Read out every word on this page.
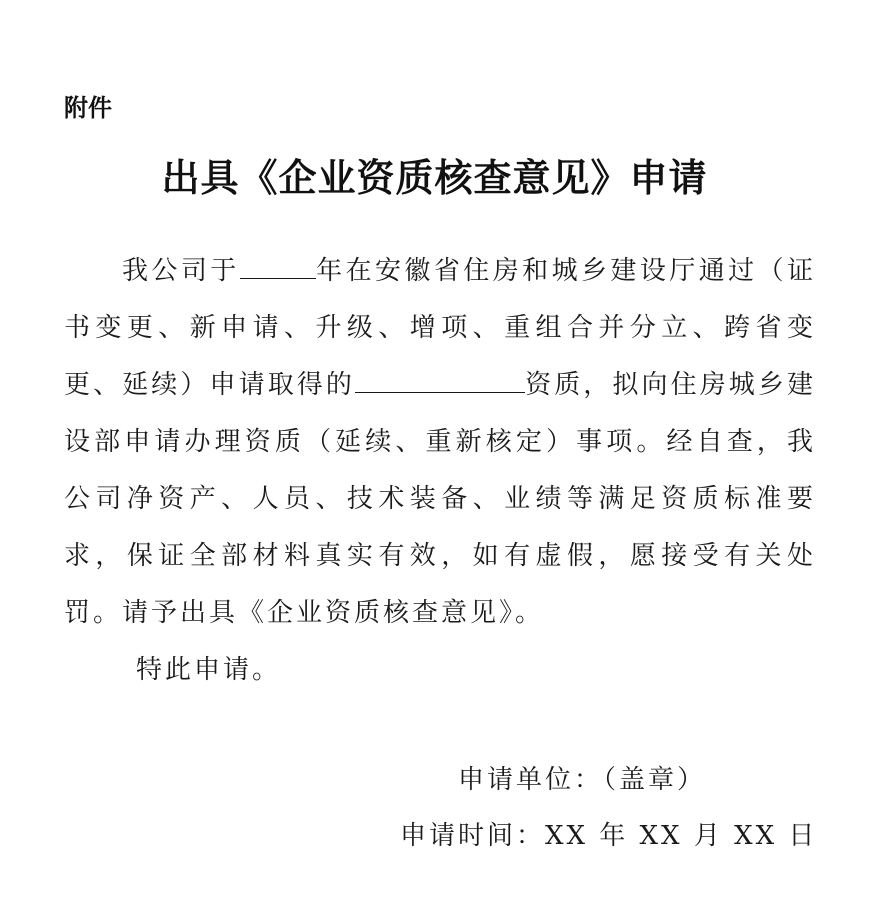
附件
出具《企业资质核查意见》申请

我公司于	年在安徽省住房和城乡建设厅通过（证书变更、新申请、升级、增项、重组合并分立、跨省变更、延续）申请取得的	资质，拟向住房城乡建设部申请办理资质（延续、重新核定）事项。经自查，我公司净资产、人员、技术装备、业绩等满足资质标准要求，保证全部材料真实有效，如有虚假，愿接受有关处罚。请予出具《企业资质核查意见》。

特此申请。

申请单位：（盖章）
申请时间：XX 年 XX 月 XX 日
